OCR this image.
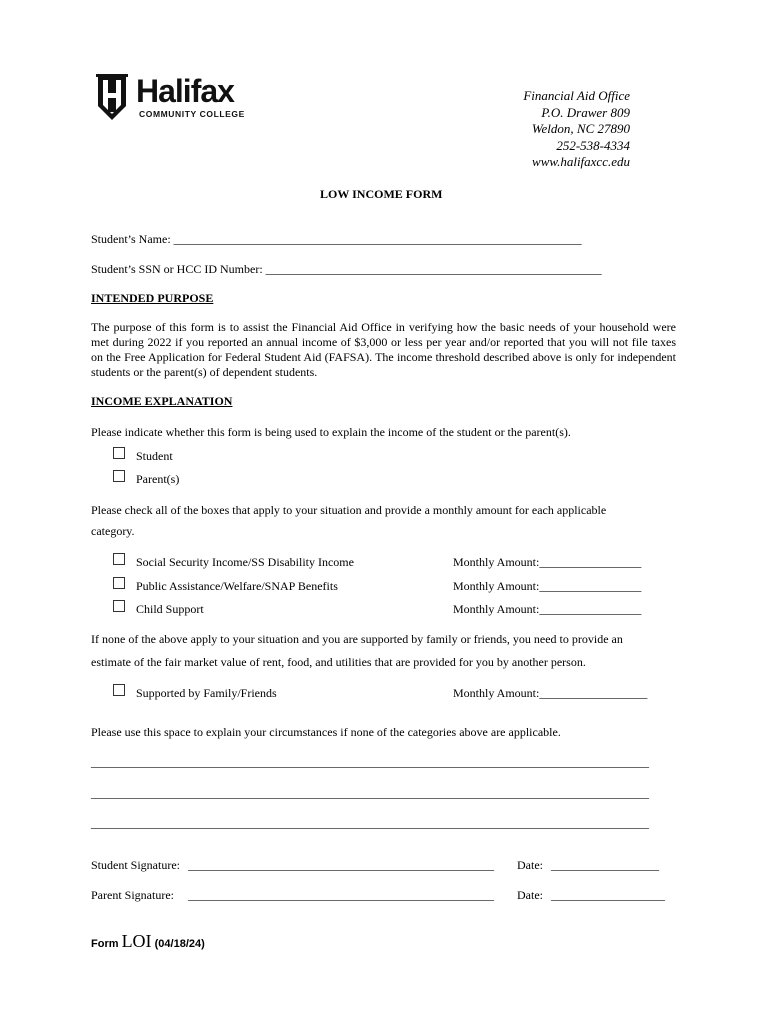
Halifax
COMMUNITY COLLEGE
Financial Aid Office
P.O. Drawer 809
Weldon, NC 27890
252-538-4334
www.halifaxcc.edu
LOW INCOME FORM
Student’s Name: ____________________________________________________________________
Student’s SSN or HCC ID Number: ________________________________________________________
INTENDED PURPOSE
The purpose of this form is to assist the Financial Aid Office in verifying how the basic needs of your household were met during 2022 if you reported an annual income of $3,000 or less per year and/or reported that you will not file taxes on the Free Application for Federal Student Aid (FAFSA). The income threshold described above is only for independent students or the parent(s) of dependent students.
INCOME EXPLANATION
Please indicate whether this form is being used to explain the income of the student or the parent(s).
Student
Parent(s)
Please check all of the boxes that apply to your situation and provide a monthly amount for each applicable
category.
Social Security Income/SS Disability Income	Monthly Amount:_________________
Public Assistance/Welfare/SNAP Benefits	Monthly Amount:_________________
Child Support	Monthly Amount:_________________
If none of the above apply to your situation and you are supported by family or friends, you need to provide an
estimate of the fair market value of rent, food, and utilities that are provided for you by another person.
Supported by Family/Friends	Monthly Amount:__________________
Please use this space to explain your circumstances if none of the categories above are applicable.
_____________________________________________________________________________________________
_____________________________________________________________________________________________
_____________________________________________________________________________________________
Student Signature: ___________________________________________________ Date: __________________
Parent Signature: ___________________________________________________ Date: ___________________
Form LOI (04/18/24)
